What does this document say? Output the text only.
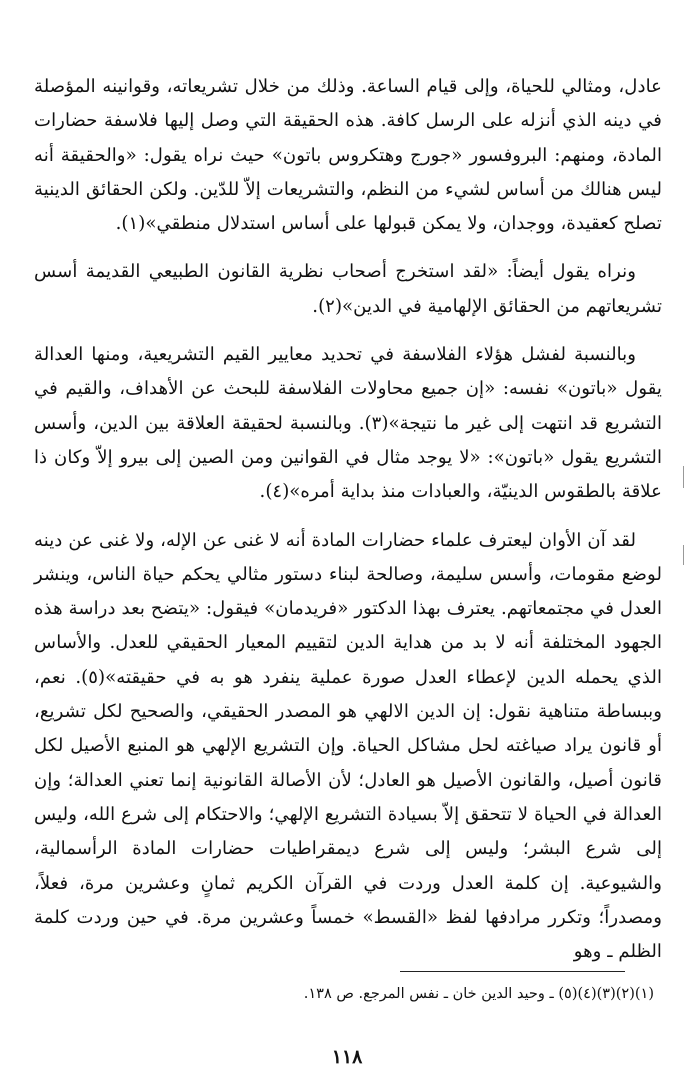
عادل، ومثالي للحياة، وإلى قيام الساعة. وذلك من خلال تشريعاته، وقوانينه المؤصلة في دينه الذي أنزله على الرسل كافة. هذه الحقيقة التي وصل إليها فلاسفة حضارات المادة، ومنهم: البروفسور «جورج وهتكروس باتون» حيث نراه يقول: «والحقيقة أنه ليس هنالك من أساس لشيء من النظم، والتشريعات إلاّ للدّين. ولكن الحقائق الدينية تصلح كعقيدة، ووجدان، ولا يمكن قبولها على أساس استدلال منطقي»(١).

ونراه يقول أيضاً: «لقد استخرج أصحاب نظرية القانون الطبيعي القديمة أسس تشريعاتهم من الحقائق الإلهامية في الدين»(٢).

وبالنسبة لفشل هؤلاء الفلاسفة في تحديد معايير القيم التشريعية، ومنها العدالة يقول «باتون» نفسه: «إن جميع محاولات الفلاسفة للبحث عن الأهداف، والقيم في التشريع قد انتهت إلى غير ما نتيجة»(٣). وبالنسبة لحقيقة العلاقة بين الدين، وأسس التشريع يقول «باتون»: «لا يوجد مثال في القوانين ومن الصين إلى بيرو إلاّ وكان ذا علاقة بالطقوس الدينيّة، والعبادات منذ بداية أمره»(٤).

لقد آن الأوان ليعترف علماء حضارات المادة أنه لا غنى عن الإله، ولا غنى عن دينه لوضع مقومات، وأسس سليمة، وصالحة لبناء دستور مثالي يحكم حياة الناس، وينشر العدل في مجتمعاتهم. يعترف بهذا الدكتور «فريدمان» فيقول: «يتضح بعد دراسة هذه الجهود المختلفة أنه لا بد من هداية الدين لتقييم المعيار الحقيقي للعدل. والأساس الذي يحمله الدين لإعطاء العدل صورة عملية ينفرد هو به في حقيقته»(٥). نعم، وببساطة متناهية نقول: إن الدين الالهي هو المصدر الحقيقي، والصحيح لكل تشريع، أو قانون يراد صياغته لحل مشاكل الحياة. وإن التشريع الإلهي هو المنبع الأصيل لكل قانون أصيل، والقانون الأصيل هو العادل؛ لأن الأصالة القانونية إنما تعني العدالة؛ وإن العدالة في الحياة لا تتحقق إلاّ بسيادة التشريع الإلهي؛ والاحتكام إلى شرع الله، وليس إلى شرع البشر؛ وليس إلى شرع ديمقراطيات حضارات المادة الرأسمالية، والشيوعية. إن كلمة العدل وردت في القرآن الكريم ثمانٍ وعشرين مرة، فعلاً، ومصدراً؛ وتكرر مرادفها لفظ «القسط» خمساً وعشرين مرة. في حين وردت كلمة الظلم ـ وهو

(١)(٢)(٣)(٤)(٥) ـ وحيد الدين خان ـ نفس المرجع. ص ١٣٨.
١١٨
